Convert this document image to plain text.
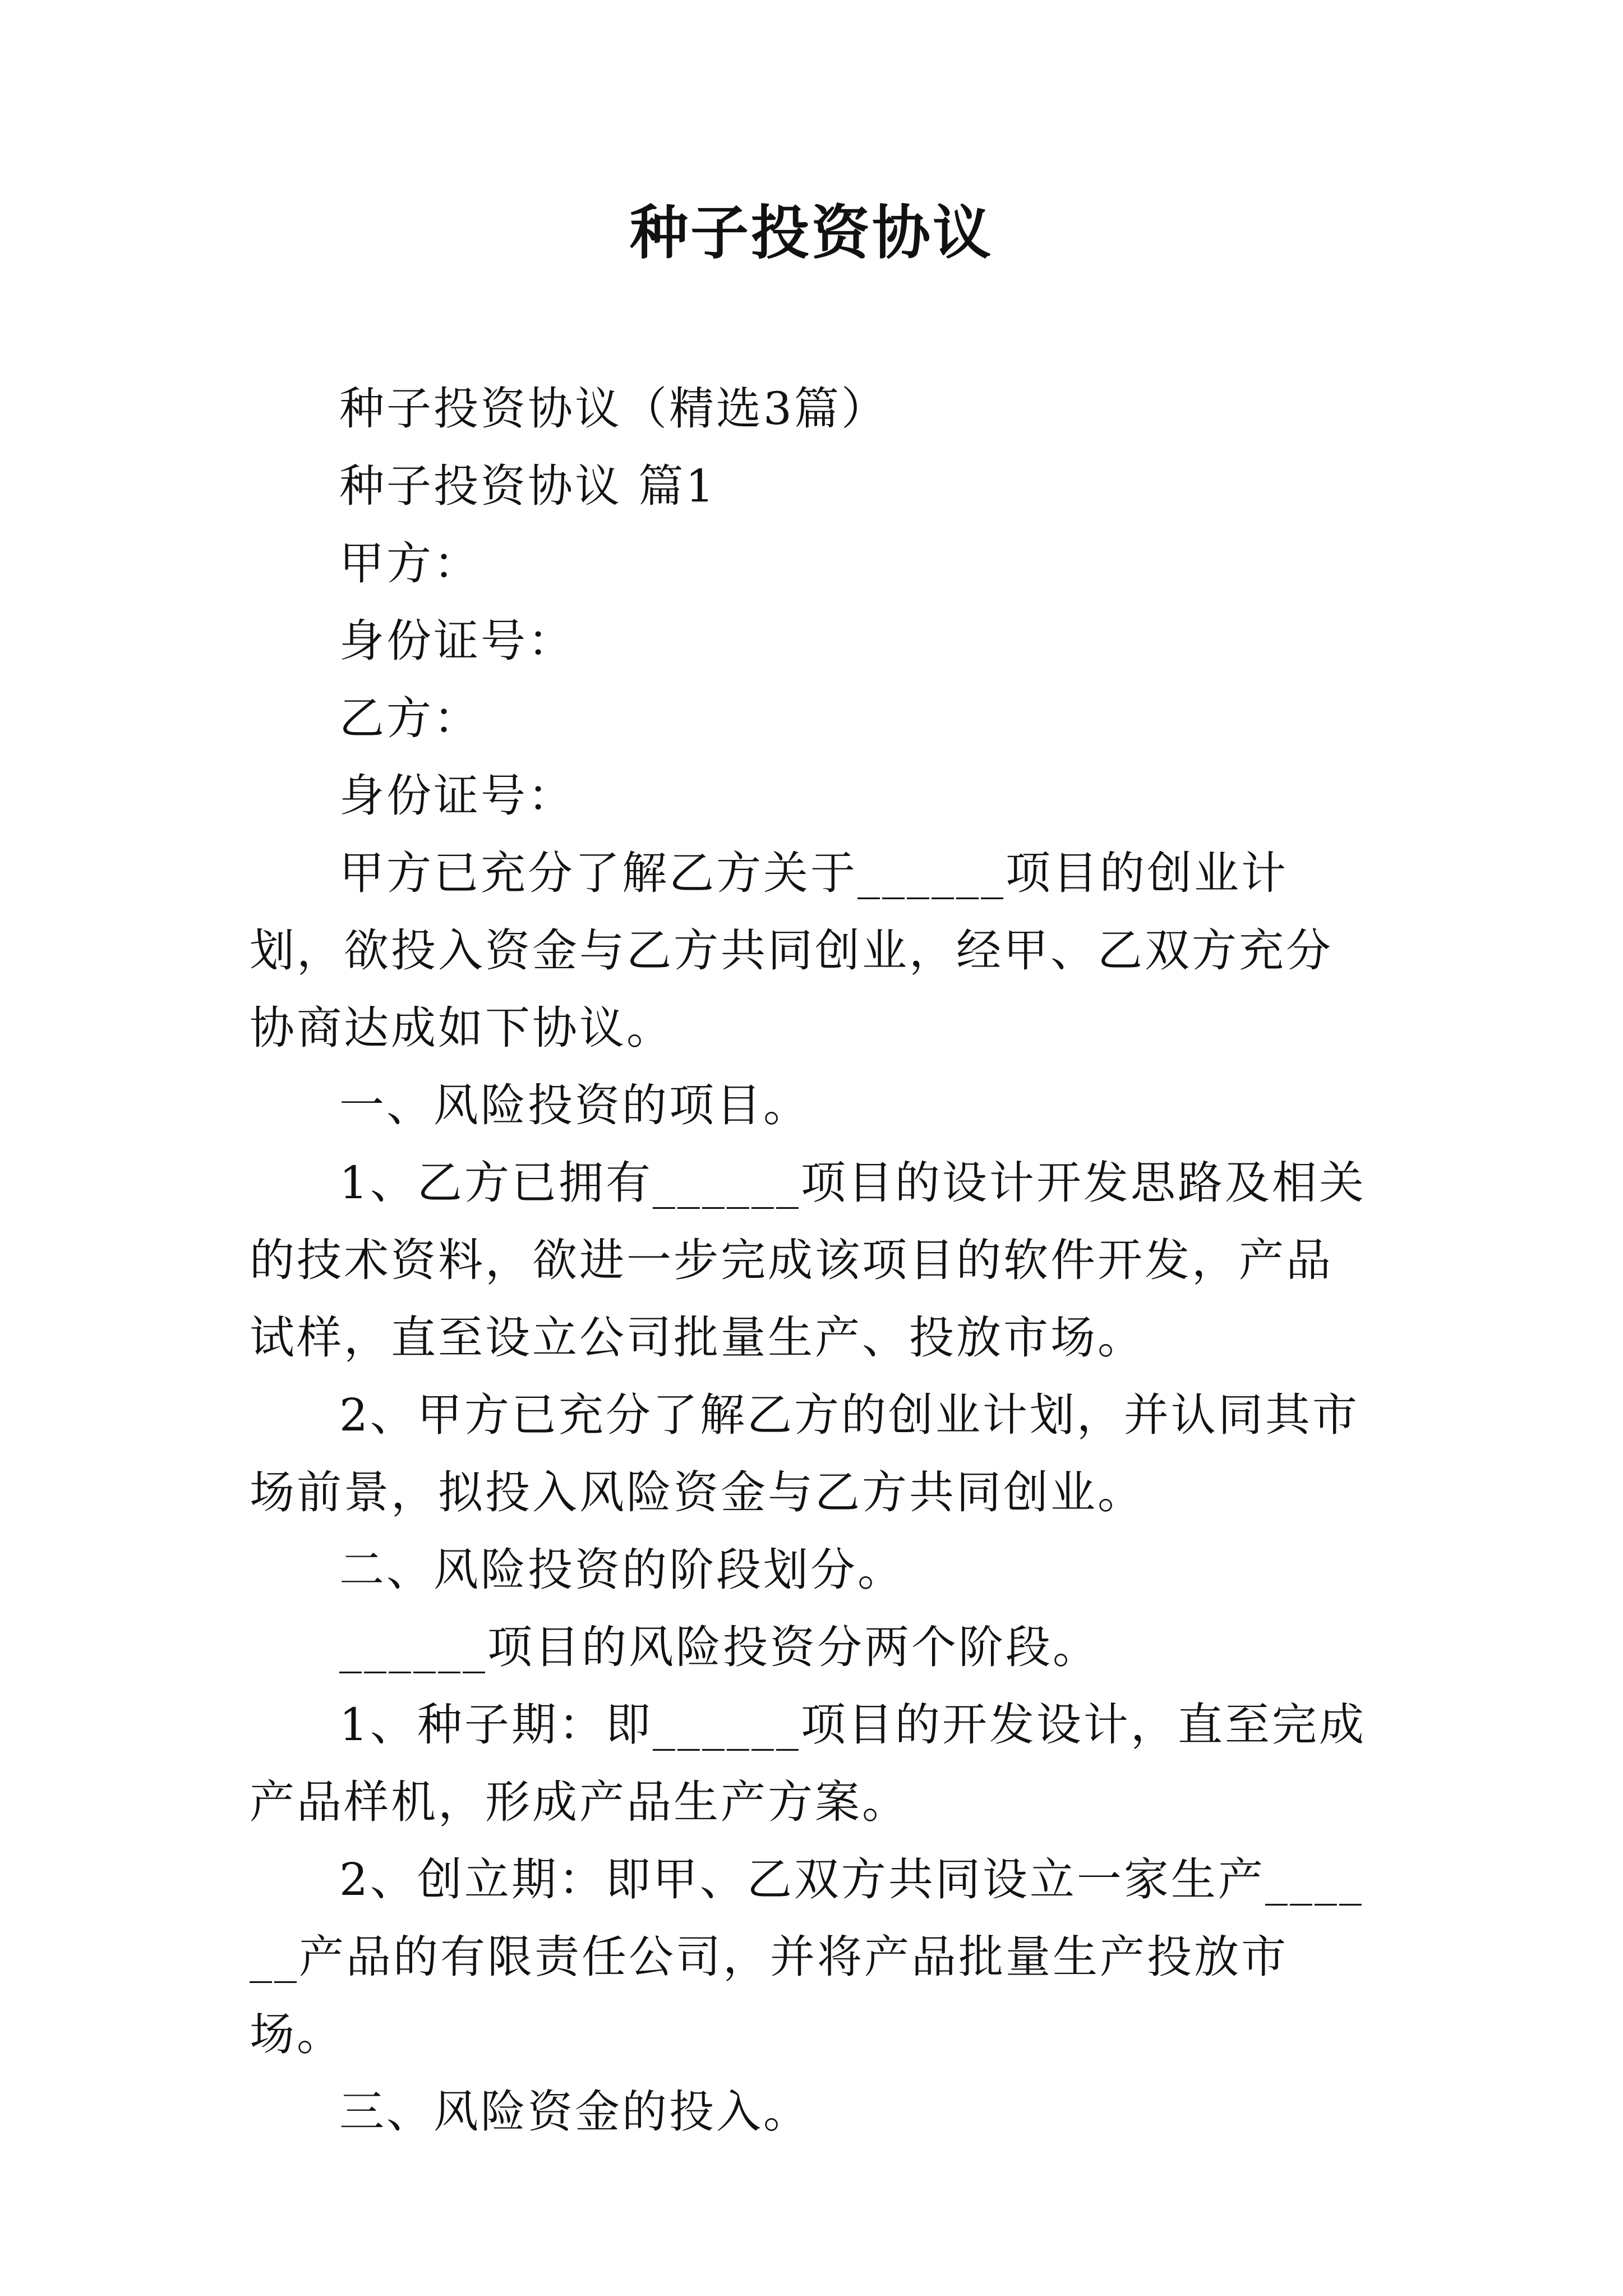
种子投资协议

种子投资协议（精选3篇）

种子投资协议 篇1

甲方：

身份证号：

乙方：

身份证号：

甲方已充分了解乙方关于______项目的创业计划，欲投入资金与乙方共同创业，经甲、乙双方充分协商达成如下协议。

一、风险投资的项目。

1、乙方已拥有______项目的设计开发思路及相关的技术资料，欲进一步完成该项目的软件开发，产品试样，直至设立公司批量生产、投放市场。

2、甲方已充分了解乙方的创业计划，并认同其市场前景，拟投入风险资金与乙方共同创业。

二、风险投资的阶段划分。

______项目的风险投资分两个阶段。

1、种子期：即______项目的开发设计，直至完成产品样机，形成产品生产方案。

2、创立期：即甲、乙双方共同设立一家生产______产品的有限责任公司，并将产品批量生产投放市场。

三、风险资金的投入。
